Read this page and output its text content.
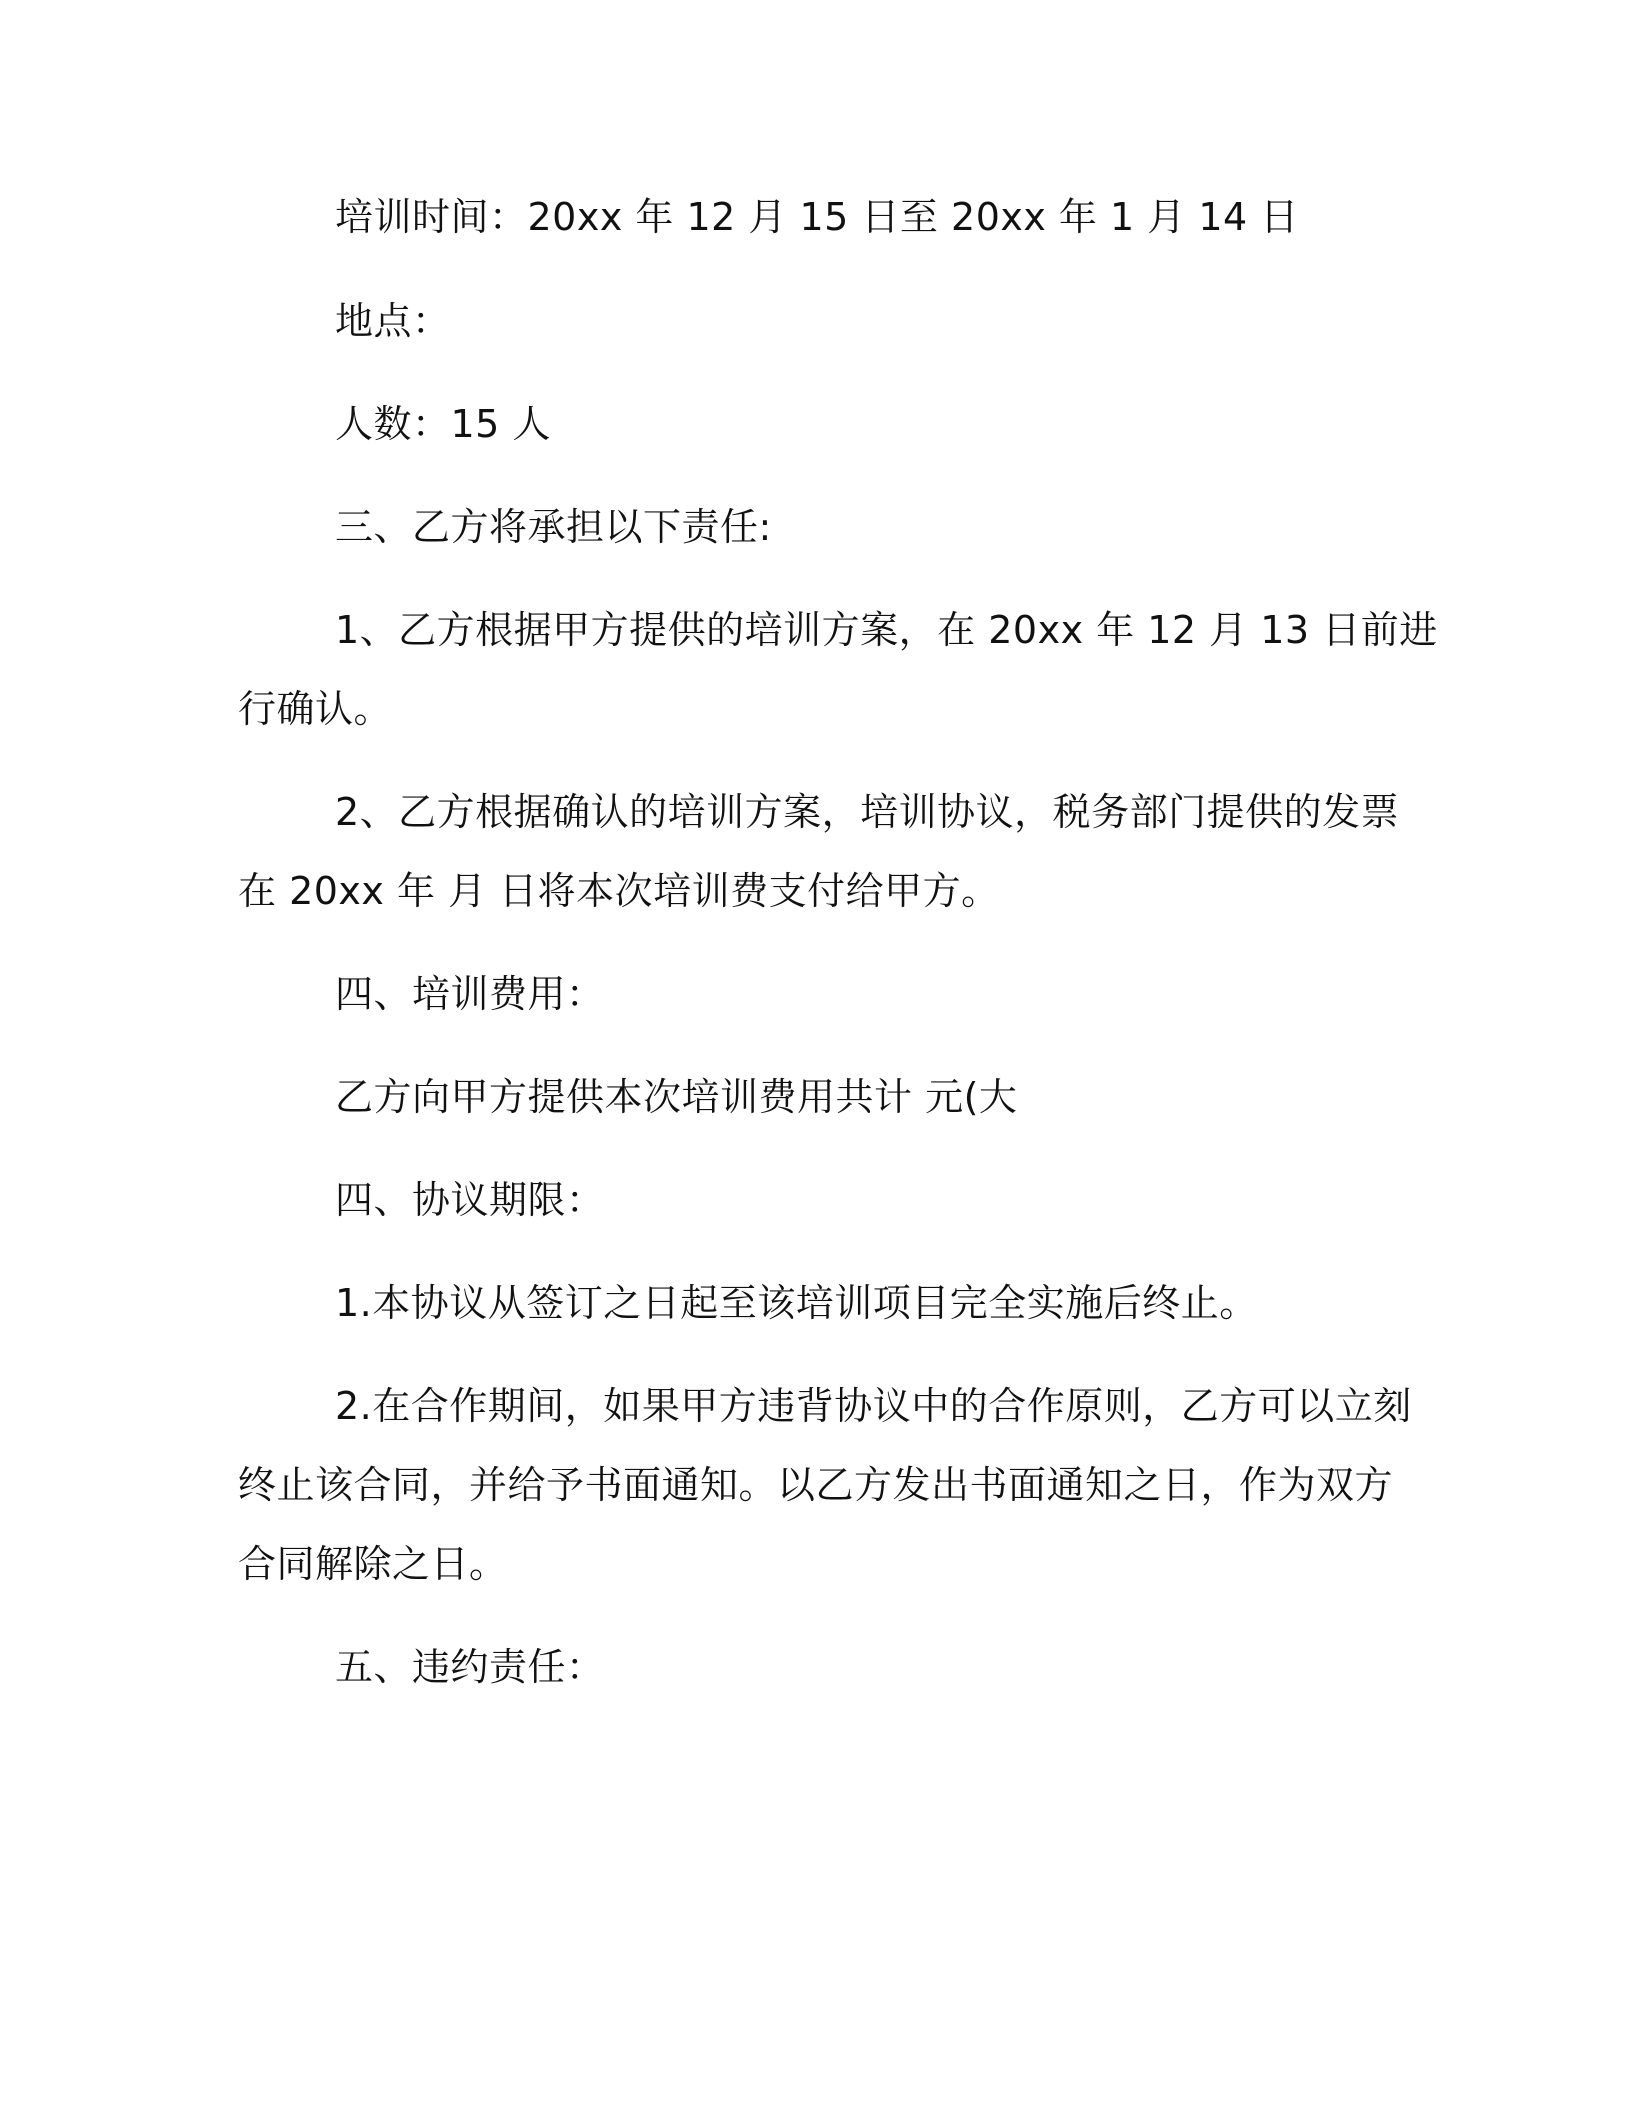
培训时间：20xx 年 12 月 15 日至 20xx 年 1 月 14 日

地点：

人数：15 人

三、乙方将承担以下责任:

1、乙方根据甲方提供的培训方案，在 20xx 年 12 月 13 日前进

行确认。

2、乙方根据确认的培训方案，培训协议，税务部门提供的发票

在 20xx 年 月 日将本次培训费支付给甲方。

四、培训费用：

乙方向甲方提供本次培训费用共计 元(大

四、协议期限：

1.本协议从签订之日起至该培训项目完全实施后终止。

2.在合作期间，如果甲方违背协议中的合作原则，乙方可以立刻

终止该合同，并给予书面通知。以乙方发出书面通知之日，作为双方

合同解除之日。

五、违约责任：
